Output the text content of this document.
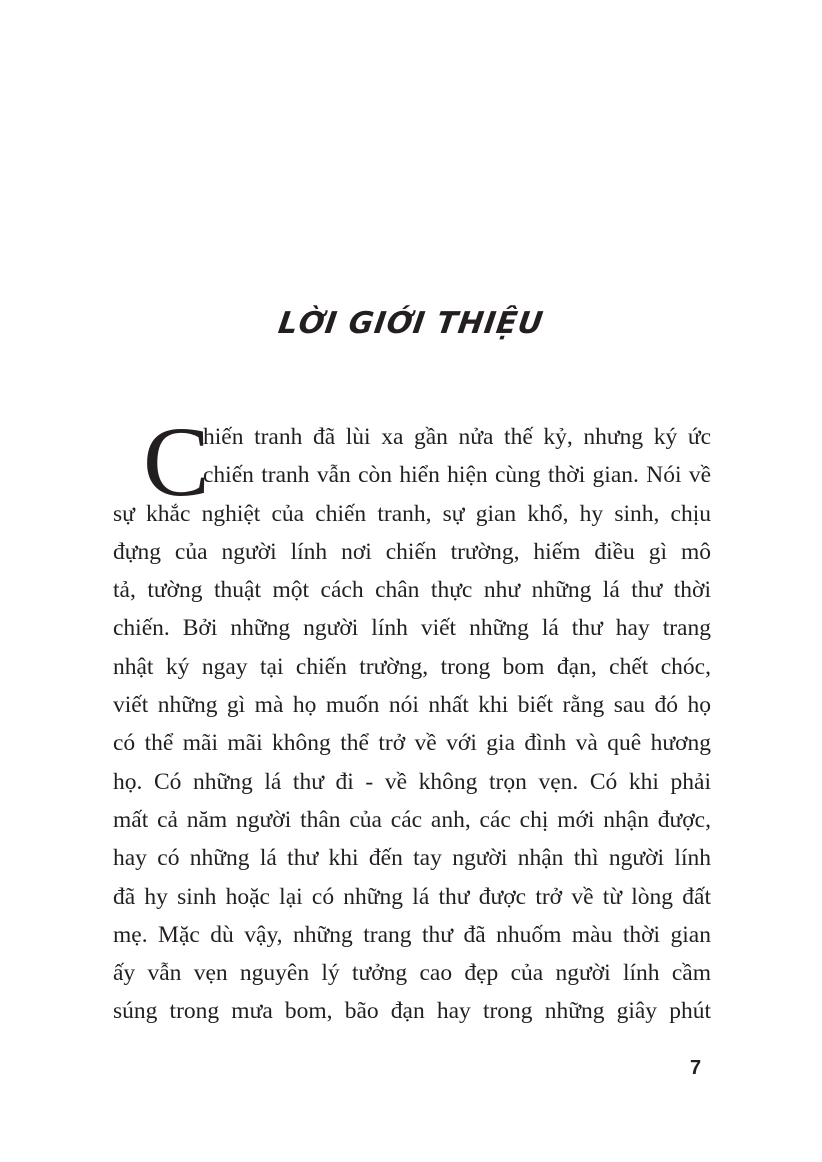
LỜI GIỚI THIỆU
C
hiến tranh đã lùi xa gần nửa thế kỷ, nhưng ký ức
chiến tranh vẫn còn hiển hiện cùng thời gian. Nói về
sự khắc nghiệt của chiến tranh, sự gian khổ, hy sinh, chịu
đựng của người lính nơi chiến trường, hiếm điều gì mô
tả, tường thuật một cách chân thực như những lá thư thời
chiến. Bởi những người lính viết những lá thư hay trang
nhật ký ngay tại chiến trường, trong bom đạn, chết chóc,
viết những gì mà họ muốn nói nhất khi biết rằng sau đó họ
có thể mãi mãi không thể trở về với gia đình và quê hương
họ. Có những lá thư đi - về không trọn vẹn. Có khi phải
mất cả năm người thân của các anh, các chị mới nhận được,
hay có những lá thư khi đến tay người nhận thì người lính
đã hy sinh hoặc lại có những lá thư được trở về từ lòng đất
mẹ. Mặc dù vậy, những trang thư đã nhuốm màu thời gian
ấy vẫn vẹn nguyên lý tưởng cao đẹp của người lính cầm
súng trong mưa bom, bão đạn hay trong những giây phút
7
